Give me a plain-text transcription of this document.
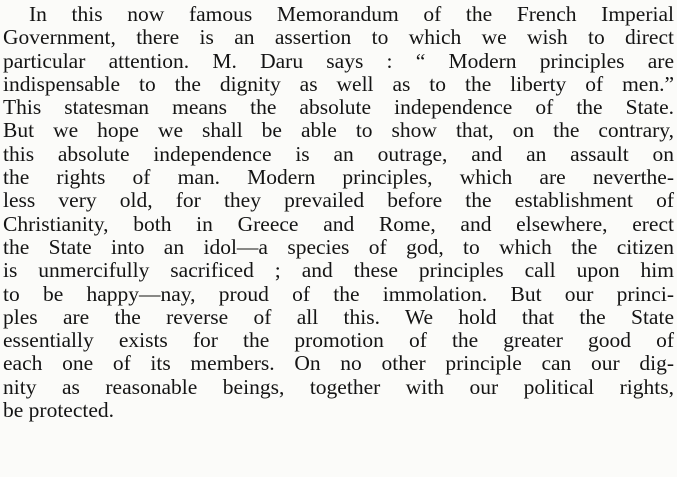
In this now famous Memorandum of the French Imperial
Government, there is an assertion to which we wish to direct
particular attention. M. Daru says : “ Modern principles are
indispensable to the dignity as well as to the liberty of men.”
This statesman means the absolute independence of the State.
But we hope we shall be able to show that, on the contrary,
this absolute independence is an outrage, and an assault on
the rights of man. Modern principles, which are neverthe-
less very old, for they prevailed before the establishment of
Christianity, both in Greece and Rome, and elsewhere, erect
the State into an idol—a species of god, to which the citizen
is unmercifully sacrificed ; and these principles call upon him
to be happy—nay, proud of the immolation. But our princi-
ples are the reverse of all this. We hold that the State
essentially exists for the promotion of the greater good of
each one of its members. On no other principle can our dig-
nity as reasonable beings, together with our political rights,
be protected.
